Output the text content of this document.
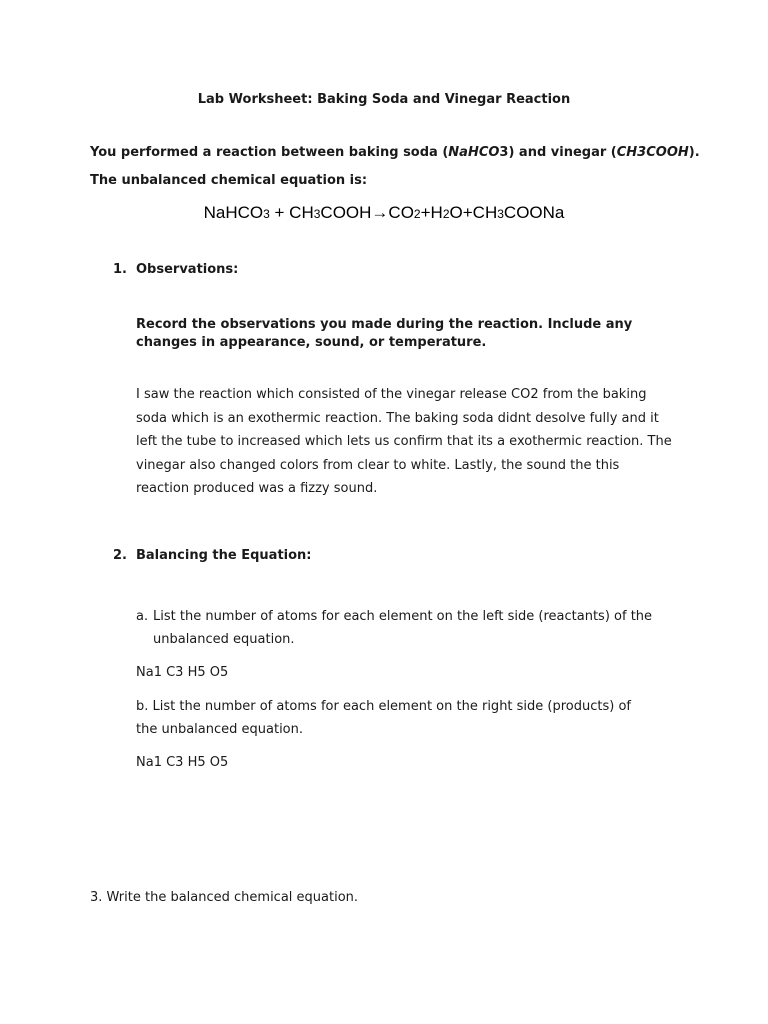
Lab Worksheet: Baking Soda and Vinegar Reaction
You performed a reaction between baking soda (NaHCO3) and vinegar (CH3COOH).
The unbalanced chemical equation is:
NaHCO3 + CH3COOH→CO2+H2O+CH3COONa
1. Observations:
Record the observations you made during the reaction. Include any changes in appearance, sound, or temperature.
I saw the reaction which consisted of the vinegar release CO2 from the baking soda which is an exothermic reaction. The baking soda didnt desolve fully and it left the tube to increased which lets us confirm that its a exothermic reaction. The vinegar also changed colors from clear to white. Lastly, the sound the this reaction produced was a fizzy sound.
2. Balancing the Equation:
a. List the number of atoms for each element on the left side (reactants) of the
unbalanced equation.
Na1 C3 H5 O5
b. List the number of atoms for each element on the right side (products) of the unbalanced equation.
Na1 C3 H5 O5
3. Write the balanced chemical equation.
